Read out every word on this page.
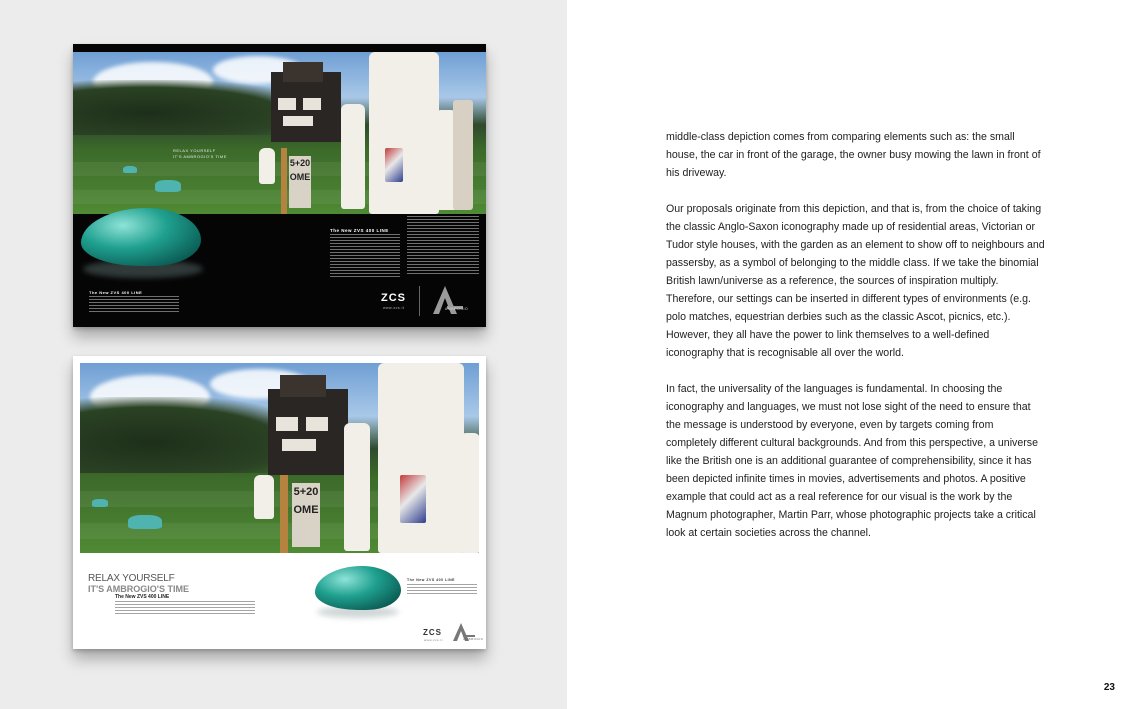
5+20
OME
RELAX YOURSELF
IT'S AMBROGIO'S TIME
The New ZVS 400 LINE
The New ZVS 400 LINE	ZCS
www.zcs.it	AMBROGIO
5+20
OME
RELAX YOURSELF
IT'S AMBROGIO'S TIME
The New ZVS 400 LINE
The New ZVS 400 LINE
ZCS
www.zcs.it	AMBROGIO

middle-class depiction comes from comparing elements such as: the small house, the car in front of the garage, the owner busy mowing the lawn in front of his driveway.

Our proposals originate from this depiction, and that is, from the choice of taking the classic Anglo-Saxon iconography made up of residential areas, Victorian or Tudor style houses, with the garden as an element to show off to neighbours and passersby, as a symbol of belonging to the middle class. If we take the binomial British lawn/universe as a reference, the sources of inspiration multiply. Therefore, our settings can be inserted in different types of environments (e.g. polo matches, equestrian derbies such as the classic Ascot, picnics, etc.). However, they all have the power to link themselves to a well-defined iconography that is recognisable all over the world.

In fact, the universality of the languages is fundamental. In choosing the iconography and languages, we must not lose sight of the need to ensure that the message is understood by everyone, even by targets coming from completely different cultural backgrounds. And from this perspective, a universe like the British one is an additional guarantee of comprehensibility, since it has been depicted infinite times in movies, advertisements and photos. A positive example that could act as a real reference for our visual is the work by the Magnum photographer, Martin Parr, whose photographic projects take a critical look at certain societies across the channel.

23
